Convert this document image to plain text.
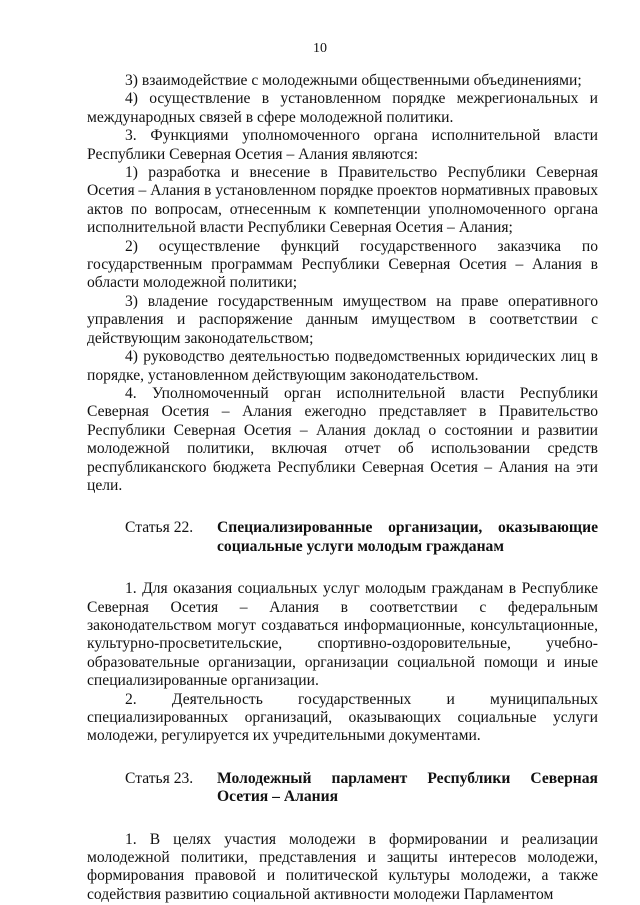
10

3) взаимодействие с молодежными общественными объединениями;

4) осуществление в установленном порядке межрегиональных и международных связей в сфере молодежной политики.

3. Функциями уполномоченного органа исполнительной власти Республики Северная Осетия – Алания являются:

1) разработка и внесение в Правительство Республики Северная Осетия – Алания в установленном порядке проектов нормативных правовых актов по вопросам, отнесенным к компетенции уполномоченного органа исполнительной власти Республики Северная Осетия – Алания;

2) осуществление функций государственного заказчика по государственным программам Республики Северная Осетия – Алания в области молодежной политики;

3) владение государственным имуществом на праве оперативного управления и распоряжение данным имуществом в соответствии с действующим законодательством;

4) руководство деятельностью подведомственных юридических лиц в порядке, установленном действующим законодательством.

4. Уполномоченный орган исполнительной власти Республики Северная Осетия – Алания ежегодно представляет в Правительство Республики Северная Осетия – Алания доклад о состоянии и развитии молодежной политики, включая отчет об использовании средств республиканского бюджета Республики Северная Осетия – Алания на эти цели.

Статья 22.	Специализированные организации, оказывающие социальные услуги молодым гражданам

1. Для оказания социальных услуг молодым гражданам в Республике Северная Осетия – Алания в соответствии с федеральным законодательством могут создаваться информационные, консультационные, культурно-просветительские, спортивно-оздоровительные, учебно-образовательные организации, организации социальной помощи и иные специализированные организации.

2. Деятельность государственных и муниципальных специализированных организаций, оказывающих социальные услуги молодежи, регулируется их учредительными документами.

Статья 23.	Молодежный парламент Республики Северная Осетия – Алания

1. В целях участия молодежи в формировании и реализации молодежной политики, представления и защиты интересов молодежи, формирования правовой и политической культуры молодежи, а также содействия развитию социальной активности молодежи Парламентом
